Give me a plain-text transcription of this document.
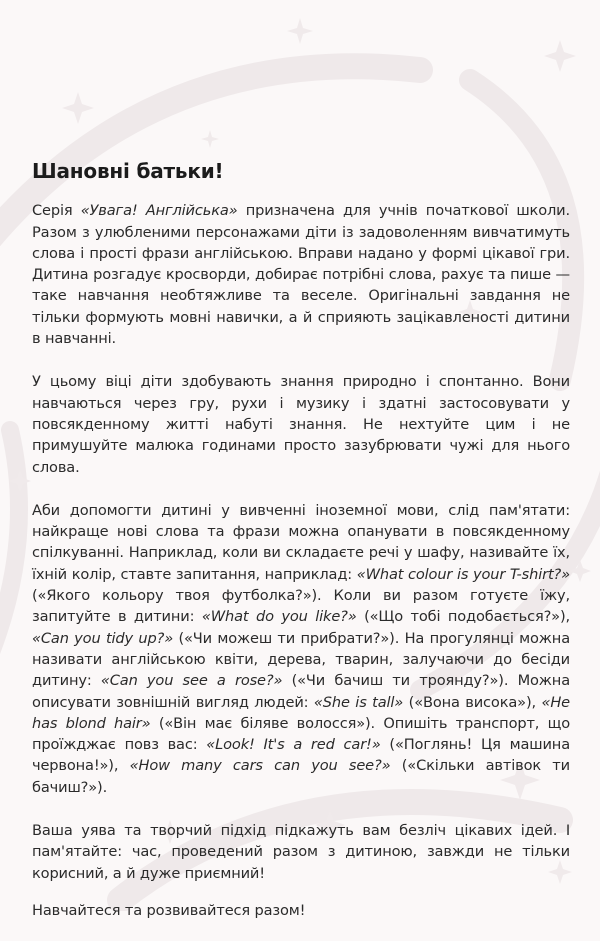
Шановні батьки!

Серія «Увага! Англійська» призначена для учнів початкової школи. Разом з улюбленими персонажами діти із задоволенням вивчатимуть слова і прості фрази англійською. Вправи надано у формі цікавої гри. Дитина розгадує кросворди, добирає потрібні слова, рахує та пише — таке навчання необтяжливе та веселе. Оригінальні завдання не тільки формують мовні навички, а й сприяють зацікавленості дитини в навчанні.

У цьому віці діти здобувають знання природно і спонтанно. Вони навчаються через гру, рухи і музику і здатні застосовувати у повсякденному житті набуті знання. Не нехтуйте цим і не примушуйте малюка годинами просто зазубрювати чужі для нього слова.

Аби допомогти дитині у вивченні іноземної мови, слід пам'ятати: найкраще нові слова та фрази можна опанувати в повсякденному спілкуванні. Наприклад, коли ви складаєте речі у шафу, називайте їх, їхній колір, ставте запитання, наприклад: «What colour is your T-shirt?» («Якого кольору твоя футболка?»). Коли ви разом готуєте їжу, запитуйте в дитини: «What do you like?» («Що тобі подобається?»), «Can you tidy up?» («Чи можеш ти прибрати?»). На прогулянці можна називати англійською квіти, дерева, тварин, залучаючи до бесіди дитину: «Can you see a rose?» («Чи бачиш ти троянду?»). Можна описувати зовнішній вигляд людей: «She is tall» («Вона висока»), «He has blond hair» («Він має біляве волосся»). Опишіть транспорт, що проїжджає повз вас: «Look! It's a red car!» («Поглянь! Ця машина червона!»), «How many cars can you see?» («Скільки автівок ти бачиш?»).

Ваша уява та творчий підхід підкажуть вам безліч цікавих ідей. І пам'ятайте: час, проведений разом з дитиною, завжди не тільки корисний, а й дуже приємний!

Навчайтеся та розвивайтеся разом!
